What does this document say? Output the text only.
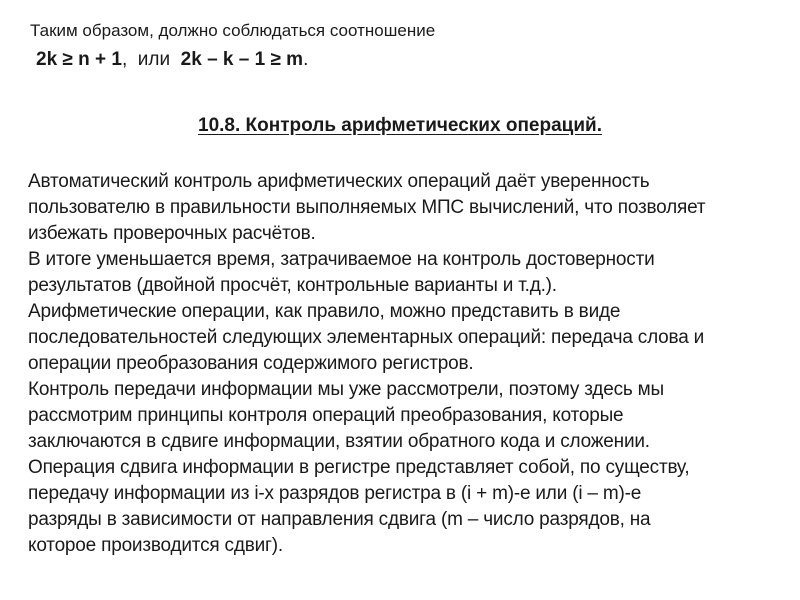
Таким образом, должно соблюдаться соотношение
2k ≥ n + 1,  или  2k – k – 1 ≥ m.
10.8. Контроль арифметических операций.
Автоматический контроль арифметических операций даёт уверенность
пользователю в правильности выполняемых МПС вычислений, что позволяет
избежать проверочных расчётов.
В итоге уменьшается время, затрачиваемое на контроль достоверности
результатов (двойной просчёт, контрольные варианты и т.д.).
Арифметические операции, как правило, можно представить в виде
последовательностей следующих элементарных операций: передача слова и
операции преобразования содержимого регистров.
Контроль передачи информации мы уже рассмотрели, поэтому здесь мы
рассмотрим принципы контроля операций преобразования, которые
заключаются в сдвиге информации, взятии обратного кода и сложении.
Операция сдвига информации в регистре представляет собой, по существу,
передачу информации из i-х разрядов регистра в (i + m)-е или (i – m)-е
разряды в зависимости от направления сдвига (m – число разрядов, на
которое производится сдвиг).
